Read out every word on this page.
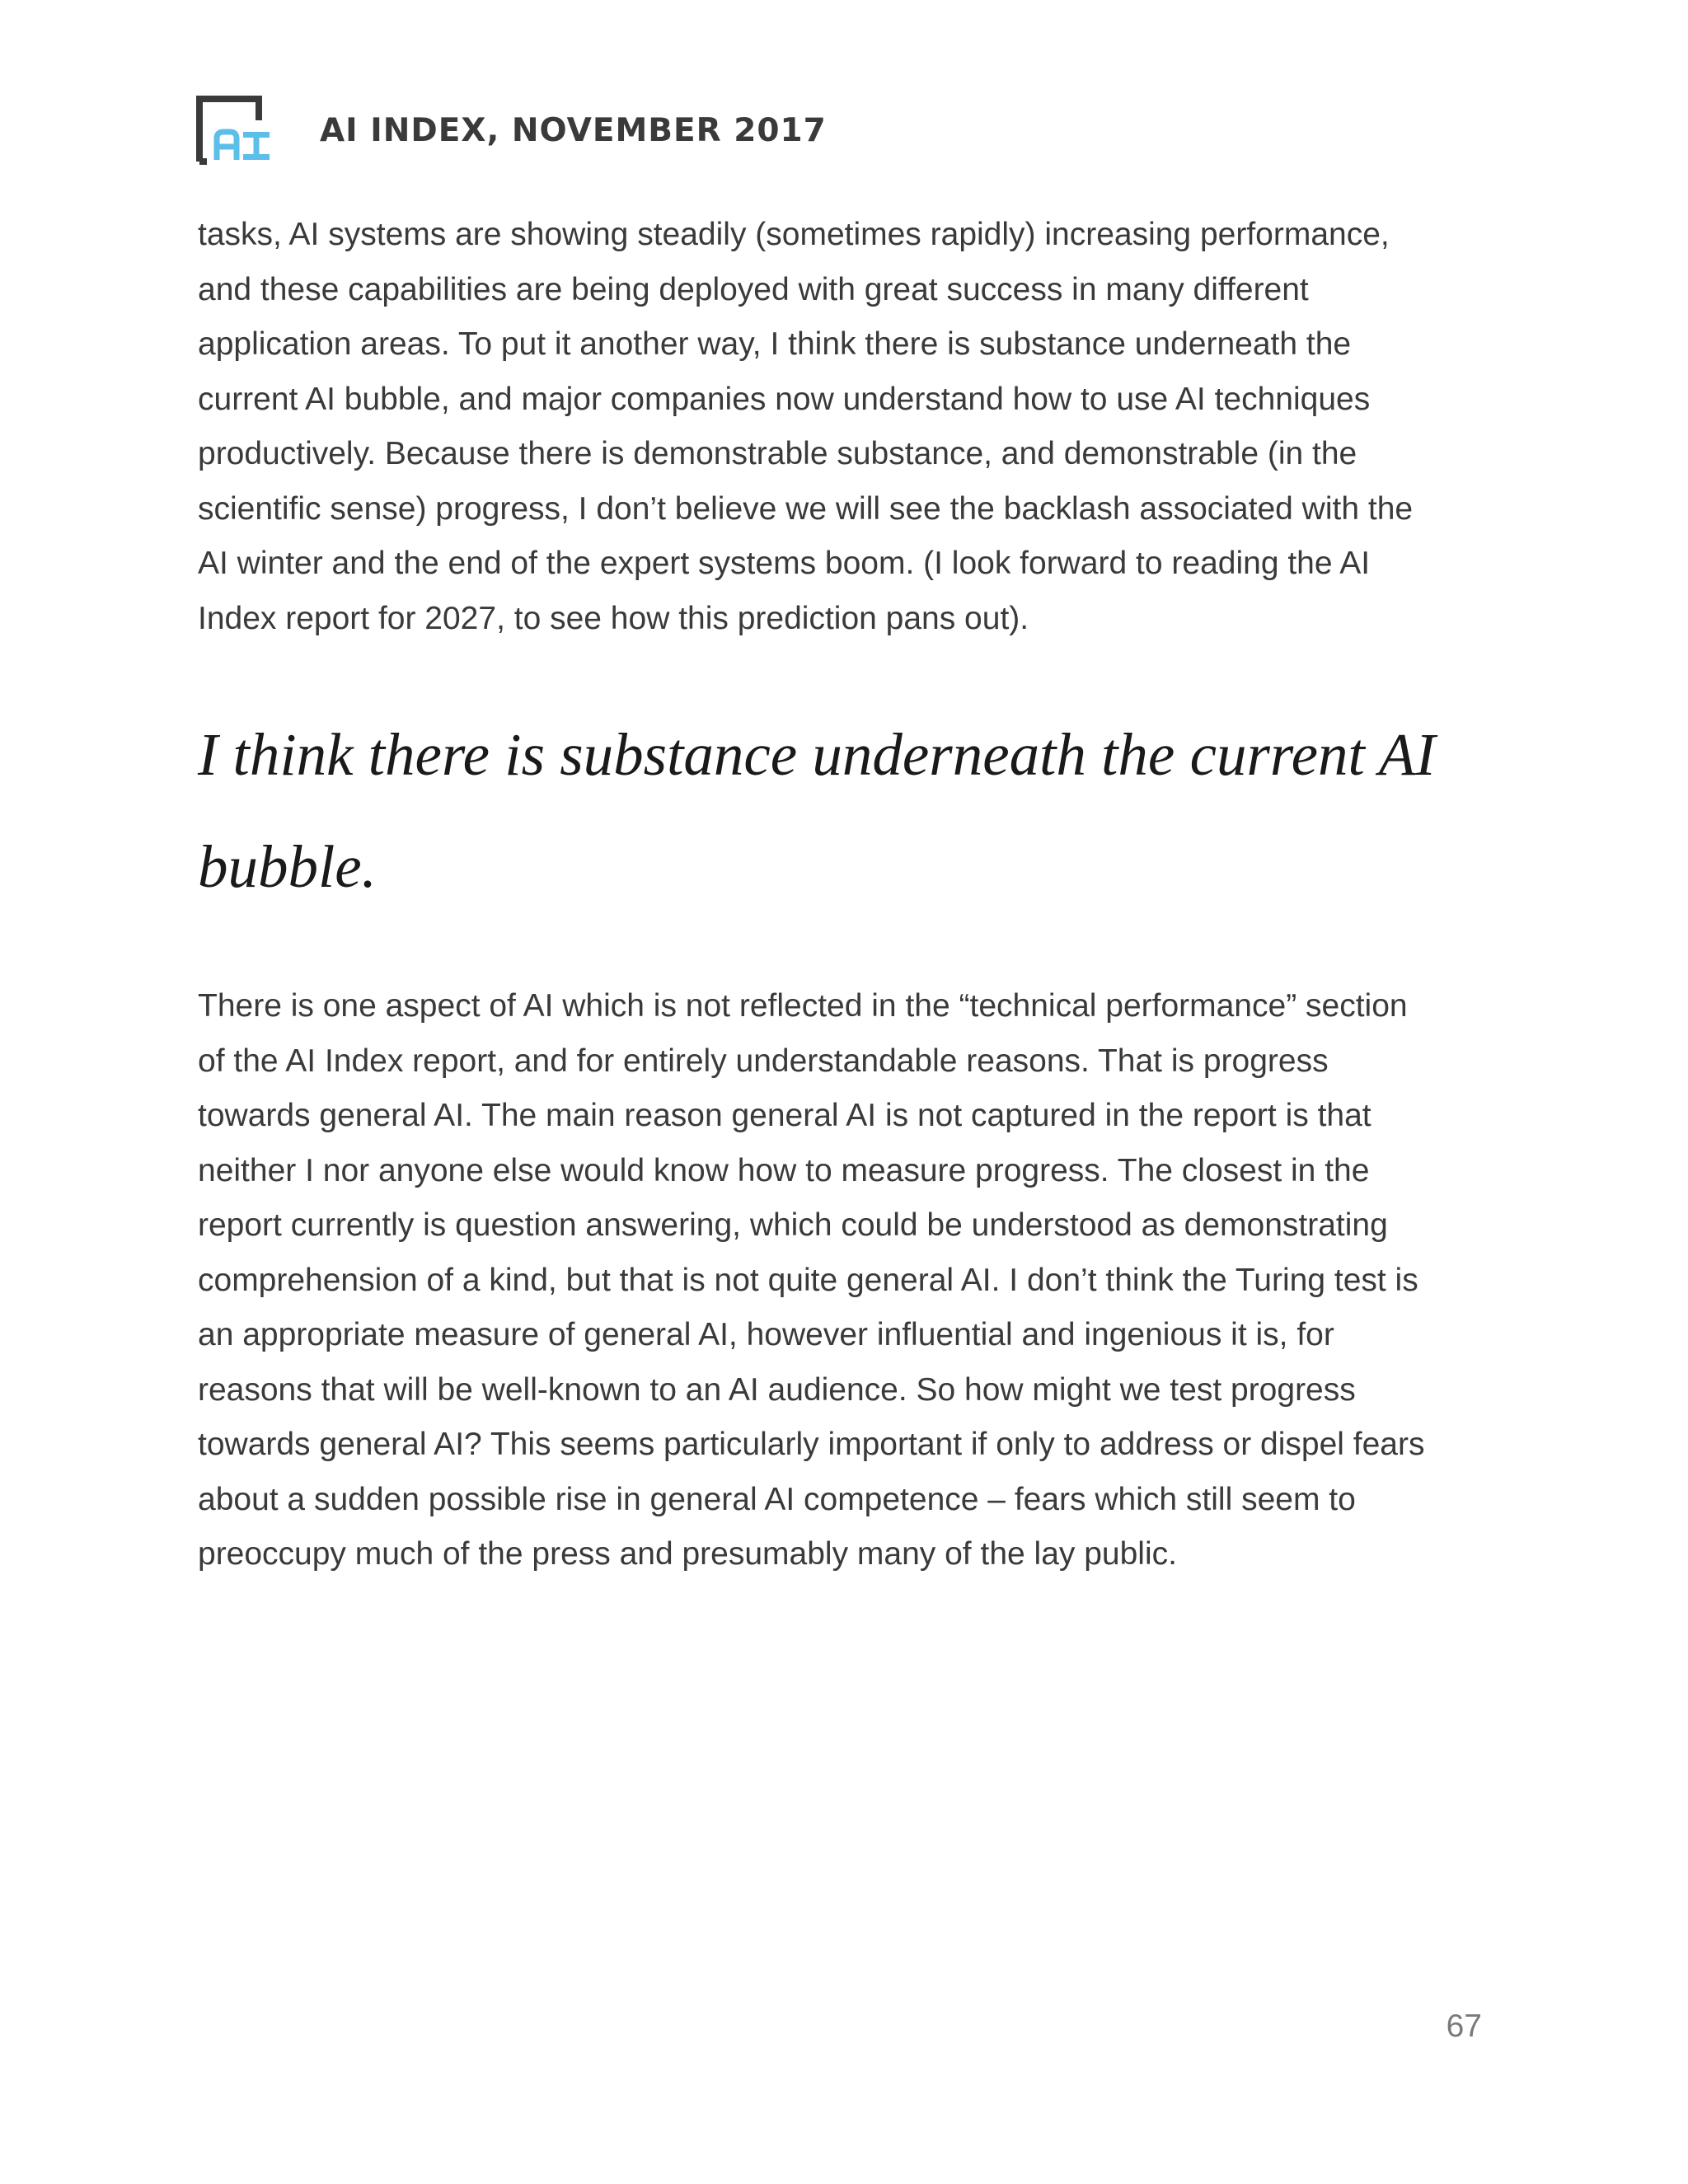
AI INDEX, NOVEMBER 2017

tasks, AI systems are showing steadily (sometimes rapidly) increasing performance,
and these capabilities are being deployed with great success in many different
application areas. To put it another way, I think there is substance underneath the
current AI bubble, and major companies now understand how to use AI techniques
productively. Because there is demonstrable substance, and demonstrable (in the
scientific sense) progress, I don’t believe we will see the backlash associated with the
AI winter and the end of the expert systems boom. (I look forward to reading the AI
Index report for 2027, to see how this prediction pans out).

I think there is substance underneath the current AI
bubble.

There is one aspect of AI which is not reflected in the “technical performance” section
of the AI Index report, and for entirely understandable reasons. That is progress
towards general AI. The main reason general AI is not captured in the report is that
neither I nor anyone else would know how to measure progress. The closest in the
report currently is question answering, which could be understood as demonstrating
comprehension of a kind, but that is not quite general AI. I don’t think the Turing test is
an appropriate measure of general AI, however influential and ingenious it is, for
reasons that will be well-known to an AI audience. So how might we test progress
towards general AI? This seems particularly important if only to address or dispel fears
about a sudden possible rise in general AI competence – fears which still seem to
preoccupy much of the press and presumably many of the lay public.

67
